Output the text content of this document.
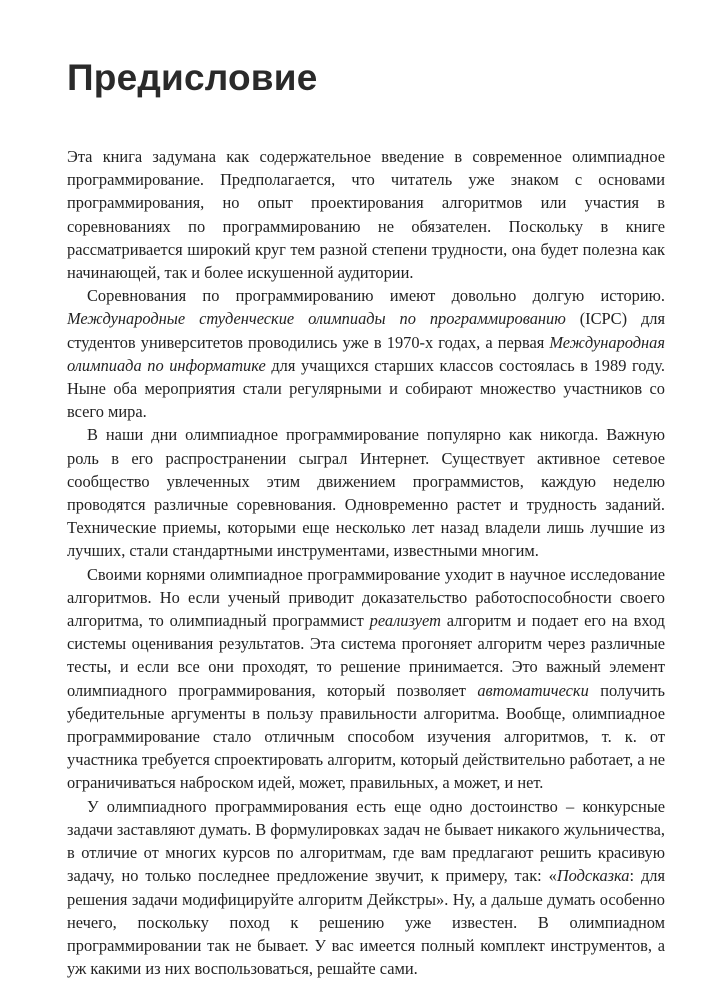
Предисловие

Эта книга задумана как содержательное введение в современное олимпиадное программирование. Предполагается, что читатель уже знаком с основами программирования, но опыт проектирования алгоритмов или участия в соревнованиях по программированию не обязателен. Поскольку в книге рассматривается широкий круг тем разной степени трудности, она будет полезна как начинающей, так и более искушенной аудитории.

Соревнования по программированию имеют довольно долгую историю. Международные студенческие олимпиады по программированию (ICPC) для студентов университетов проводились уже в 1970-х годах, а первая Международная олимпиада по информатике для учащихся старших классов состоялась в 1989 году. Ныне оба мероприятия стали регулярными и собирают множество участников со всего мира.

В наши дни олимпиадное программирование популярно как никогда. Важную роль в его распространении сыграл Интернет. Существует активное сетевое сообщество увлеченных этим движением программистов, каждую неделю проводятся различные соревнования. Одновременно растет и трудность заданий. Технические приемы, которыми еще несколько лет назад владели лишь лучшие из лучших, стали стандартными инструментами, известными многим.

Своими корнями олимпиадное программирование уходит в научное исследование алгоритмов. Но если ученый приводит доказательство работоспособности своего алгоритма, то олимпиадный программист реализует алгоритм и подает его на вход системы оценивания результатов. Эта система прогоняет алгоритм через различные тесты, и если все они проходят, то решение принимается. Это важный элемент олимпиадного программирования, который позволяет автоматически получить убедительные аргументы в пользу правильности алгоритма. Вообще, олимпиадное программирование стало отличным способом изучения алгоритмов, т. к. от участника требуется спроектировать алгоритм, который действительно работает, а не ограничиваться наброском идей, может, правильных, а может, и нет.

У олимпиадного программирования есть еще одно достоинство – конкурсные задачи заставляют думать. В формулировках задач не бывает никакого жульничества, в отличие от многих курсов по алгоритмам, где вам предлагают решить красивую задачу, но только последнее предложение звучит, к примеру, так: «Подсказка: для решения задачи модифицируйте алгоритм Дейкстры». Ну, а дальше думать особенно нечего, поскольку поход к решению уже известен. В олимпиадном программировании так не бывает. У вас имеется полный комплект инструментов, а уж какими из них воспользоваться, решайте сами.
